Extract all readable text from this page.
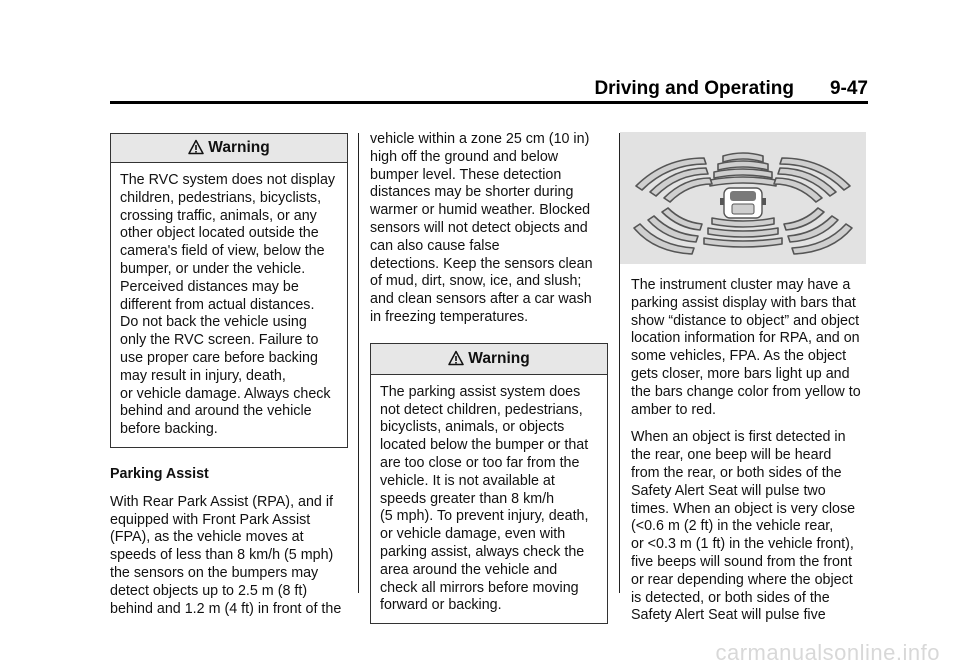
Driving and Operating 9-47
Warning

The RVC system does not display

children, pedestrians, bicyclists,

crossing traffic, animals, or any

other object located outside the

camera's field of view, below the

bumper, or under the vehicle.

Perceived distances may be

different from actual distances.

Do not back the vehicle using

only the RVC screen. Failure to

use proper care before backing

may result in injury, death,

or vehicle damage. Always check

behind and around the vehicle

before backing.

Parking Assist

With Rear Park Assist (RPA), and if

equipped with Front Park Assist

(FPA), as the vehicle moves at

speeds of less than 8 km/h (5 mph)

the sensors on the bumpers may

detect objects up to 2.5 m (8 ft)

behind and 1.2 m (4 ft) in front of the

vehicle within a zone 25 cm (10 in)

high off the ground and below

bumper level. These detection

distances may be shorter during

warmer or humid weather. Blocked

sensors will not detect objects and

can also cause false

detections. Keep the sensors clean

of mud, dirt, snow, ice, and slush;

and clean sensors after a car wash

in freezing temperatures.

Warning

The parking assist system does

not detect children, pedestrians,

bicyclists, animals, or objects

located below the bumper or that

are too close or too far from the

vehicle. It is not available at

speeds greater than 8 km/h

(5 mph). To prevent injury, death,

or vehicle damage, even with

parking assist, always check the

area around the vehicle and

check all mirrors before moving

forward or backing.

The instrument cluster may have a

parking assist display with bars that

show “distance to object” and object

location information for RPA, and on

some vehicles, FPA. As the object

gets closer, more bars light up and

the bars change color from yellow to

amber to red.

When an object is first detected in

the rear, one beep will be heard

from the rear, or both sides of the

Safety Alert Seat will pulse two

times. When an object is very close

(<0.6 m (2 ft) in the vehicle rear,

or <0.3 m (1 ft) in the vehicle front),

five beeps will sound from the front

or rear depending where the object

is detected, or both sides of the

Safety Alert Seat will pulse five

carmanualsonline.info
